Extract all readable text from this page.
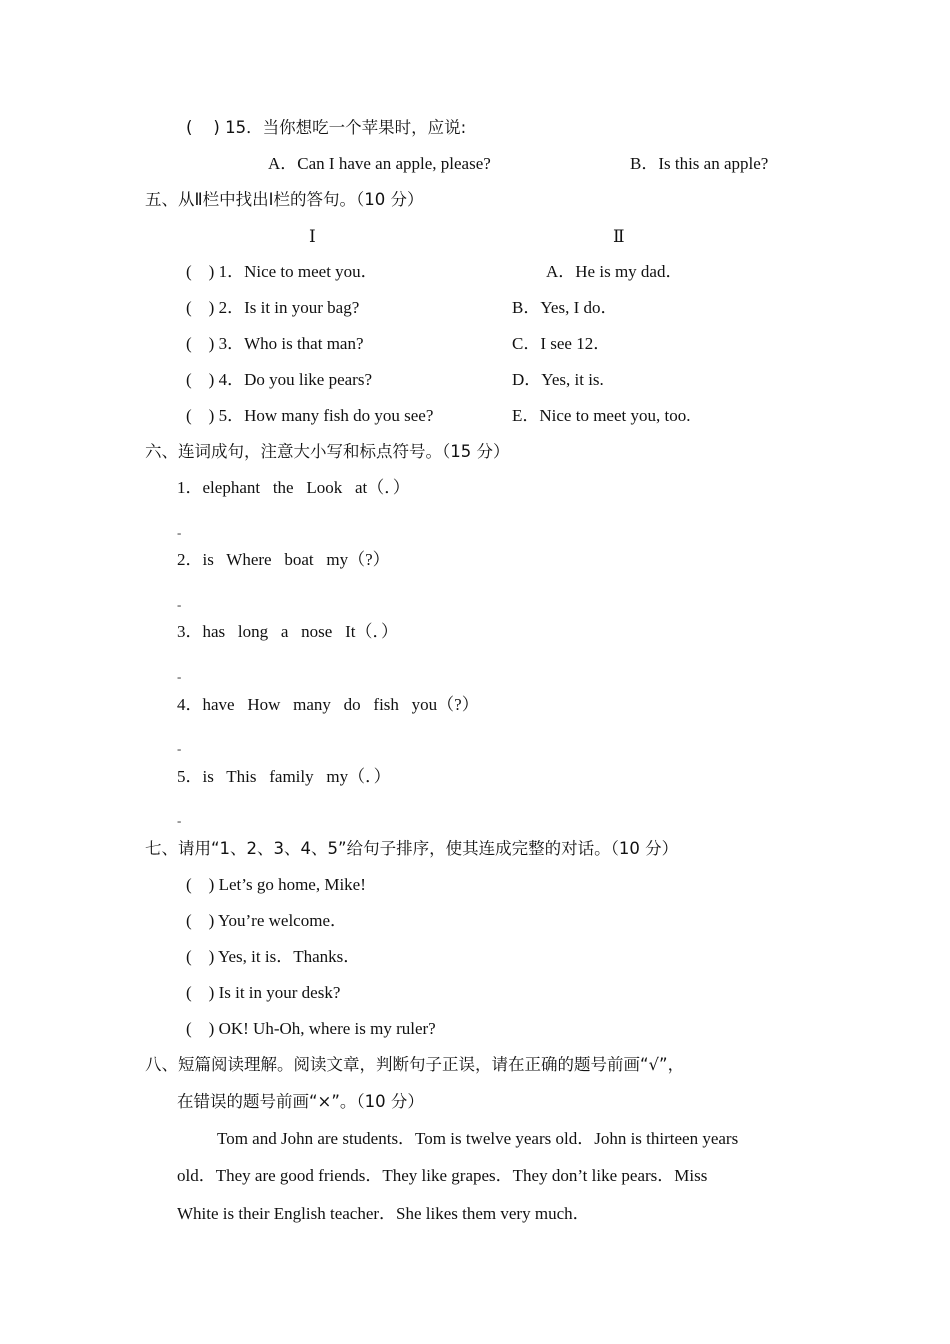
(    ) 15．当你想吃一个苹果时，应说:
A．Can I have an apple, please?	B．Is this an apple?
五、从Ⅱ栏中找出Ⅰ栏的答句。（10 分）
Ⅰ	Ⅱ
(    ) 1．Nice to meet you．
(    ) 2．Is it in your bag?
(    ) 3．Who is that man?
(    ) 4．Do you like pears?
(    ) 5．How many fish do you see?
A．He is my dad．
B．Yes, I do．
C．I see 12．
D．Yes, it is.
E．Nice to meet you, too.
六、连词成句，注意大小写和标点符号。（15 分）
1．elephant   the   Look   at（．）
-
2．is   Where   boat   my（?）
-
3．has   long   a   nose   It（．）
-
4．have   How   many   do   fish   you（?）
-
5．is   This   family   my（．）
-
七、请用“1、2、3、4、5”给句子排序，使其连成完整的对话。（10 分）
(    ) Let’s go home, Mike!
(    ) You’re welcome．
(    ) Yes, it is．Thanks．
(    ) Is it in your desk?
(    ) OK! Uh-Oh, where is my ruler?
八、短篇阅读理解。阅读文章，判断句子正误，请在正确的题号前画“√”，
在错误的题号前画“×”。（10 分）
Tom and John are students．Tom is twelve years old．John is thirteen years
old．They are good friends．They like grapes．They don’t like pears．Miss
White is their English teacher．She likes them very much．
